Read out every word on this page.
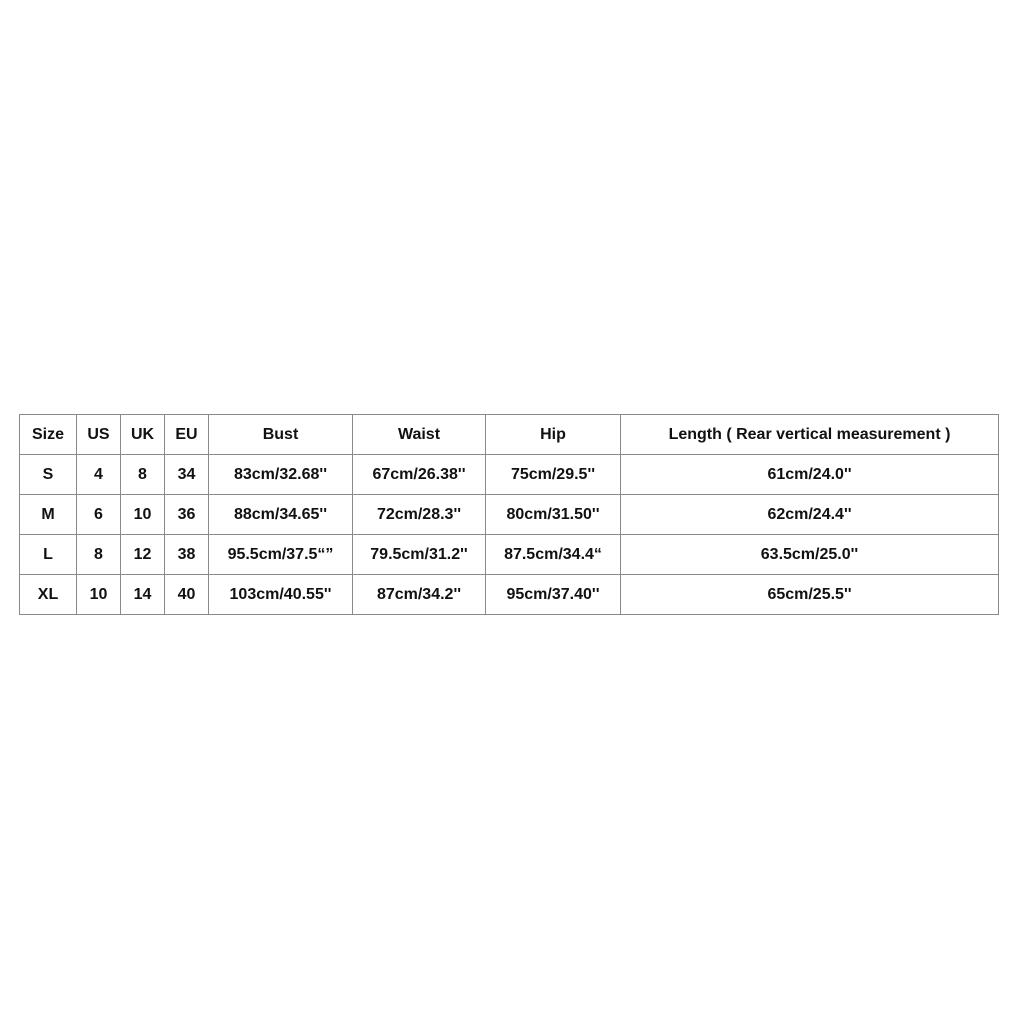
Size	US	UK	EU	Bust	Waist	Hip	Length ( Rear vertical measurement )
S	4	8	34	83cm/32.68''	67cm/26.38''	75cm/29.5''	61cm/24.0''
M	6	10	36	88cm/34.65''	72cm/28.3''	80cm/31.50''	62cm/24.4''
L	8	12	38	95.5cm/37.5“”	79.5cm/31.2''	87.5cm/34.4“	63.5cm/25.0''
XL	10	14	40	103cm/40.55''	87cm/34.2''	95cm/37.40''	65cm/25.5''
